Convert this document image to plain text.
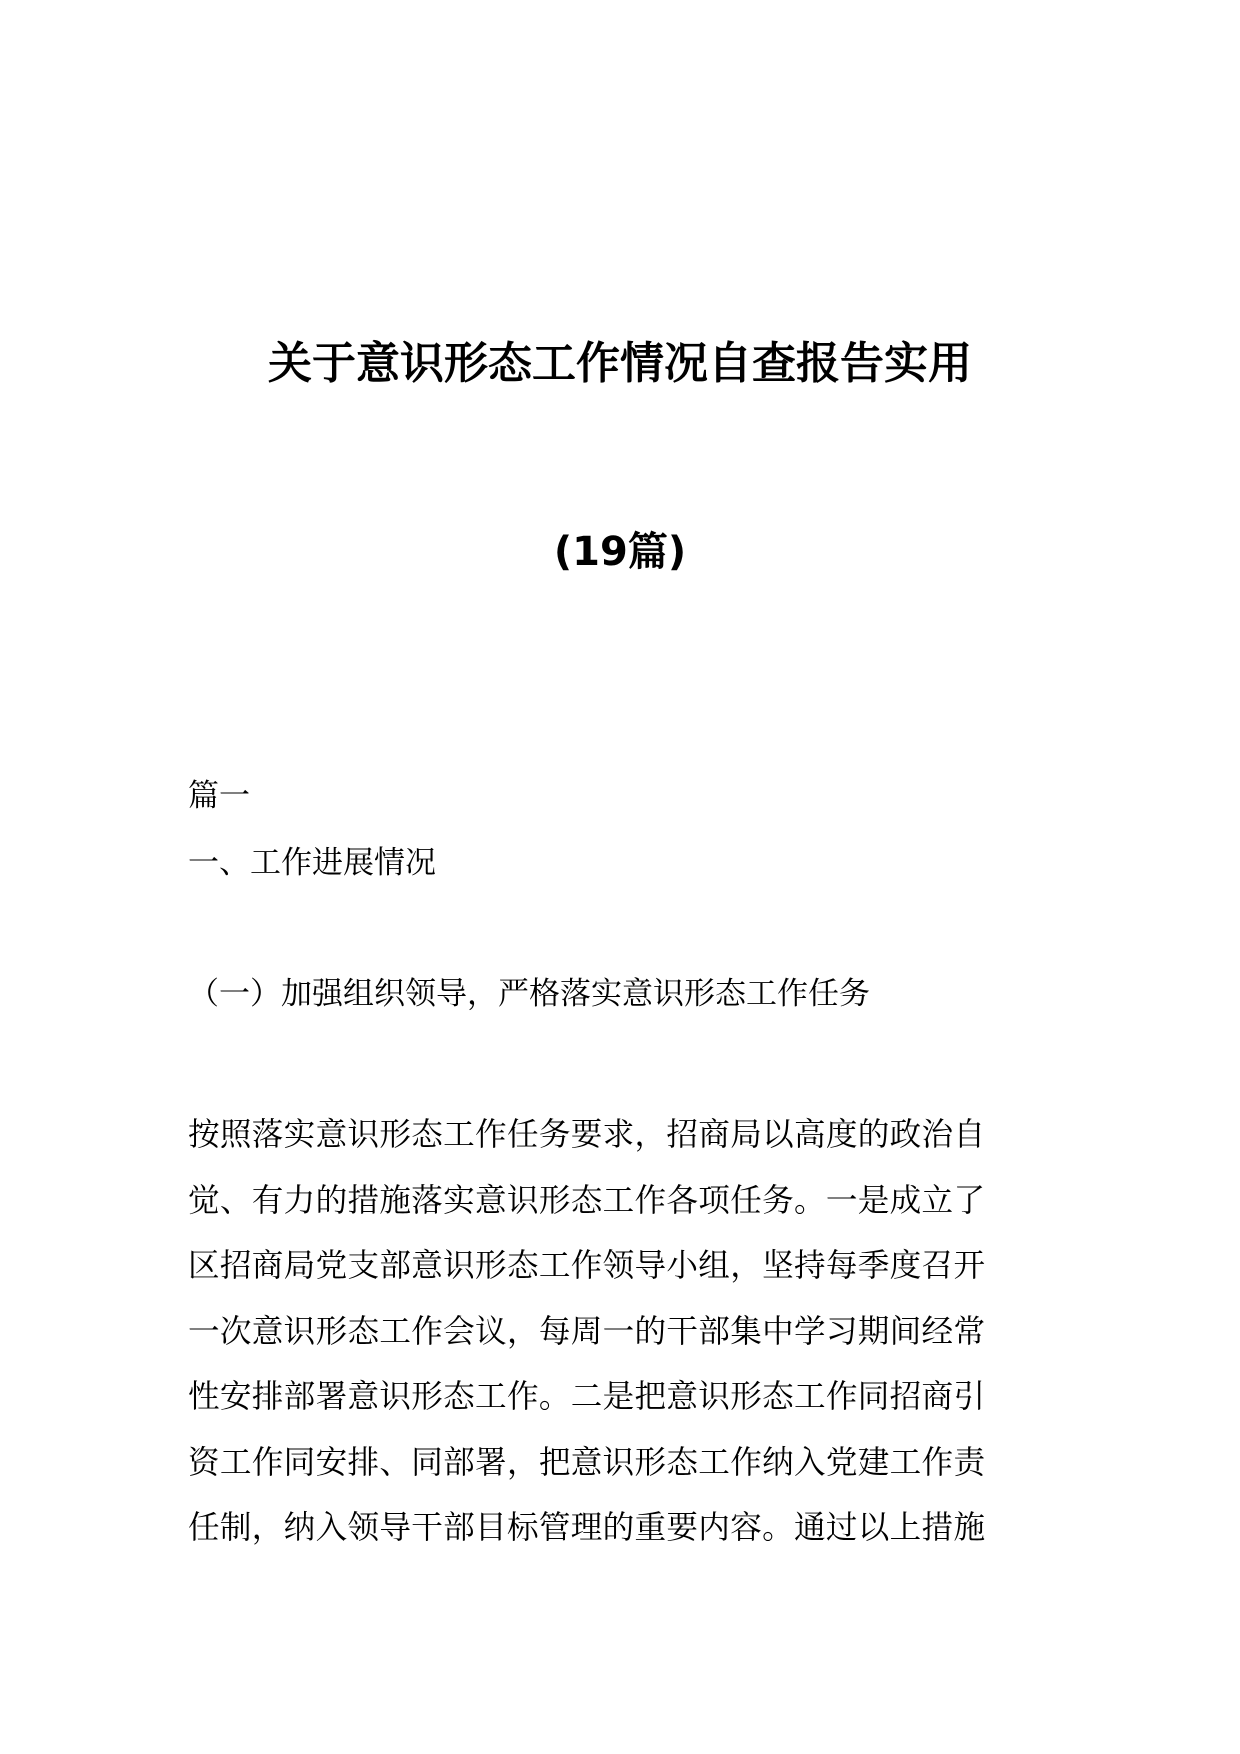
关于意识形态工作情况自查报告实用
(19篇)
篇一
一、工作进展情况
（一）加强组织领导，严格落实意识形态工作任务
按照落实意识形态工作任务要求，招商局以高度的政治自
觉、有力的措施落实意识形态工作各项任务。一是成立了
区招商局党支部意识形态工作领导小组，坚持每季度召开
一次意识形态工作会议，每周一的干部集中学习期间经常
性安排部署意识形态工作。二是把意识形态工作同招商引
资工作同安排、同部署，把意识形态工作纳入党建工作责
任制，纳入领导干部目标管理的重要内容。通过以上措施
